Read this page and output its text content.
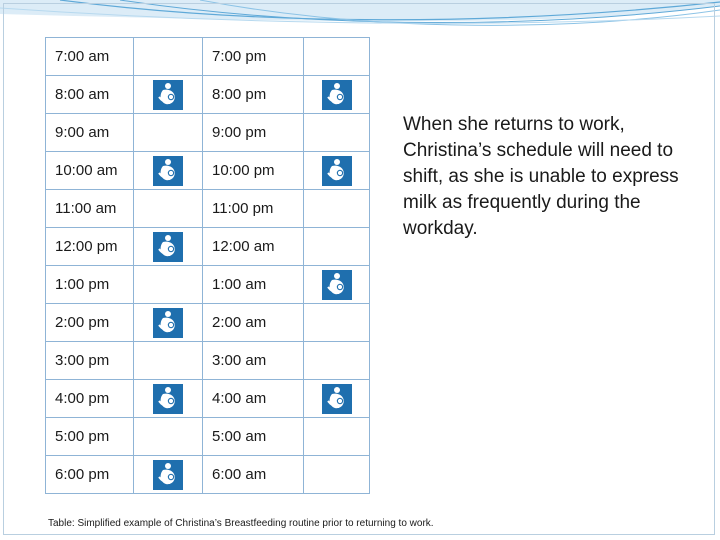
7:00 am		7:00 pm	
8:00 am		8:00 pm	
9:00 am		9:00 pm	
10:00 am		10:00 pm	
11:00 am		11:00 pm	
12:00 pm		12:00 am	
1:00 pm		1:00 am	
2:00 pm		2:00 am	
3:00 pm		3:00 am	
4:00 pm		4:00 am	
5:00 pm		5:00 am	
6:00 pm		6:00 am	
When she returns to work, Christina’s schedule will need to shift, as she is unable to express milk as frequently during the workday.
Table: Simplified example of Christina’s Breastfeeding routine prior to returning to work.
